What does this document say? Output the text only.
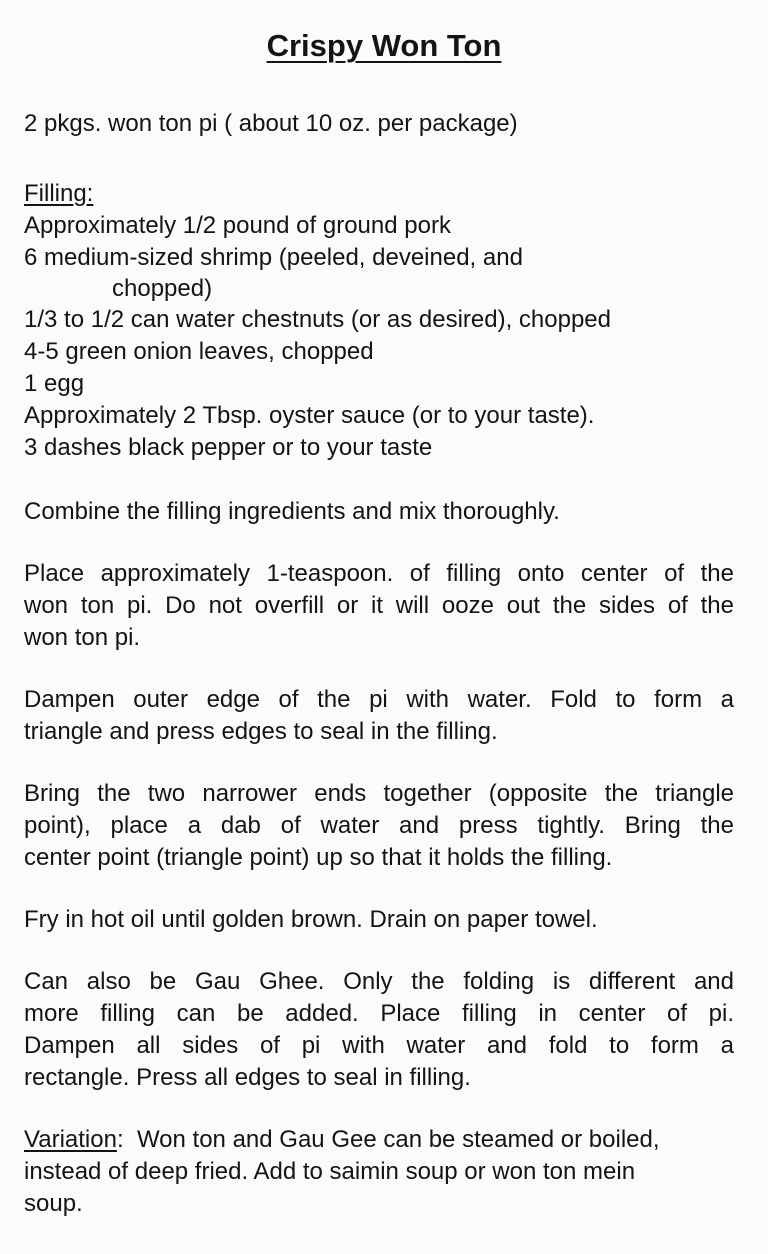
Crispy Won Ton
2 pkgs. won ton pi ( about 10 oz. per package)
Filling:
Approximately 1/2 pound of ground pork
6 medium-sized shrimp (peeled, deveined, and
chopped)
1/3 to 1/2 can water chestnuts (or as desired), chopped
4-5 green onion leaves, chopped
1 egg
Approximately 2 Tbsp. oyster sauce (or to your taste).
3 dashes black pepper or to your taste
Combine the filling ingredients and mix thoroughly.
Place approximately 1-teaspoon. of filling onto center of the
won ton pi. Do not overfill or it will ooze out the sides of the
won ton pi.
Dampen outer edge of the pi with water. Fold to form a
triangle and press edges to seal in the filling.
Bring the two narrower ends together (opposite the triangle
point), place a dab of water and press tightly. Bring the
center point (triangle point) up so that it holds the filling.
Fry in hot oil until golden brown. Drain on paper towel.
Can also be Gau Ghee. Only the folding is different and
more filling can be added. Place filling in center of pi.
Dampen all sides of pi with water and fold to form a
rectangle. Press all edges to seal in filling.
Variation:  Won ton and Gau Gee can be steamed or boiled,
instead of deep fried. Add to saimin soup or won ton mein
soup.
